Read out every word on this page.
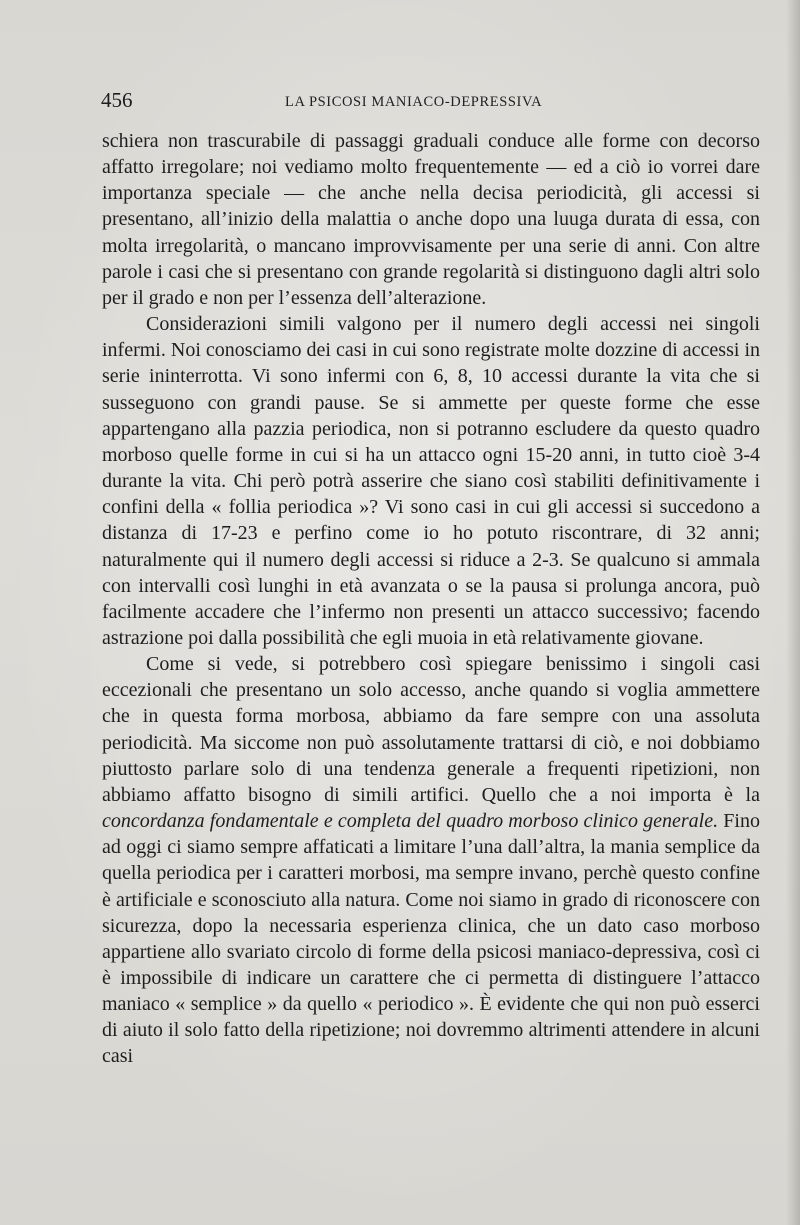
456	LA PSICOSI MANIACO-DEPRESSIVA

schiera non trascurabile di passaggi graduali conduce alle forme con decorso affatto irregolare; noi vediamo molto frequentemente — ed a ciò io vorrei dare importanza speciale — che anche nella decisa periodicità, gli accessi si presentano, all’inizio della malattia o anche dopo una luuga durata di essa, con molta irregolarità, o mancano improvvisamente per una serie di anni. Con altre parole i casi che si presentano con grande regolarità si distinguono dagli altri solo per il grado e non per l’essenza dell’alterazione.

Considerazioni simili valgono per il numero degli accessi nei singoli infermi. Noi conosciamo dei casi in cui sono registrate molte dozzine di accessi in serie ininterrotta. Vi sono infermi con 6, 8, 10 accessi durante la vita che si susseguono con grandi pause. Se si ammette per queste forme che esse appartengano alla pazzia periodica, non si potranno escludere da questo quadro morboso quelle forme in cui si ha un attacco ogni 15-20 anni, in tutto cioè 3-4 durante la vita. Chi però potrà asserire che siano così stabiliti definitivamente i confini della « follia periodica »? Vi sono casi in cui gli accessi si succedono a distanza di 17-23 e perfino come io ho potuto riscontrare, di 32 anni; naturalmente qui il numero degli accessi si riduce a 2-3. Se qualcuno si ammala con intervalli così lunghi in età avanzata o se la pausa si prolunga ancora, può facilmente accadere che l’infermo non presenti un attacco successivo; facendo astrazione poi dalla possibilità che egli muoia in età relativamente giovane.

Come si vede, si potrebbero così spiegare benissimo i singoli casi eccezionali che presentano un solo accesso, anche quando si voglia ammettere che in questa forma morbosa, abbiamo da fare sempre con una assoluta periodicità. Ma siccome non può assolutamente trattarsi di ciò, e noi dobbiamo piuttosto parlare solo di una tendenza generale a frequenti ripetizioni, non abbiamo affatto bisogno di simili artifici. Quello che a noi importa è la concordanza fondamentale e completa del quadro morboso clinico generale. Fino ad oggi ci siamo sempre affaticati a limitare l’una dall’altra, la mania semplice da quella periodica per i caratteri morbosi, ma sempre invano, perchè questo confine è artificiale e sconosciuto alla natura. Come noi siamo in grado di riconoscere con sicurezza, dopo la necessaria esperienza clinica, che un dato caso morboso appartiene allo svariato circolo di forme della psicosi maniaco-depressiva, così ci è impossibile di indicare un carattere che ci permetta di distinguere l’attacco maniaco « semplice » da quello « periodico ». È evidente che qui non può esserci di aiuto il solo fatto della ripetizione; noi dovremmo altrimenti attendere in alcuni casi
